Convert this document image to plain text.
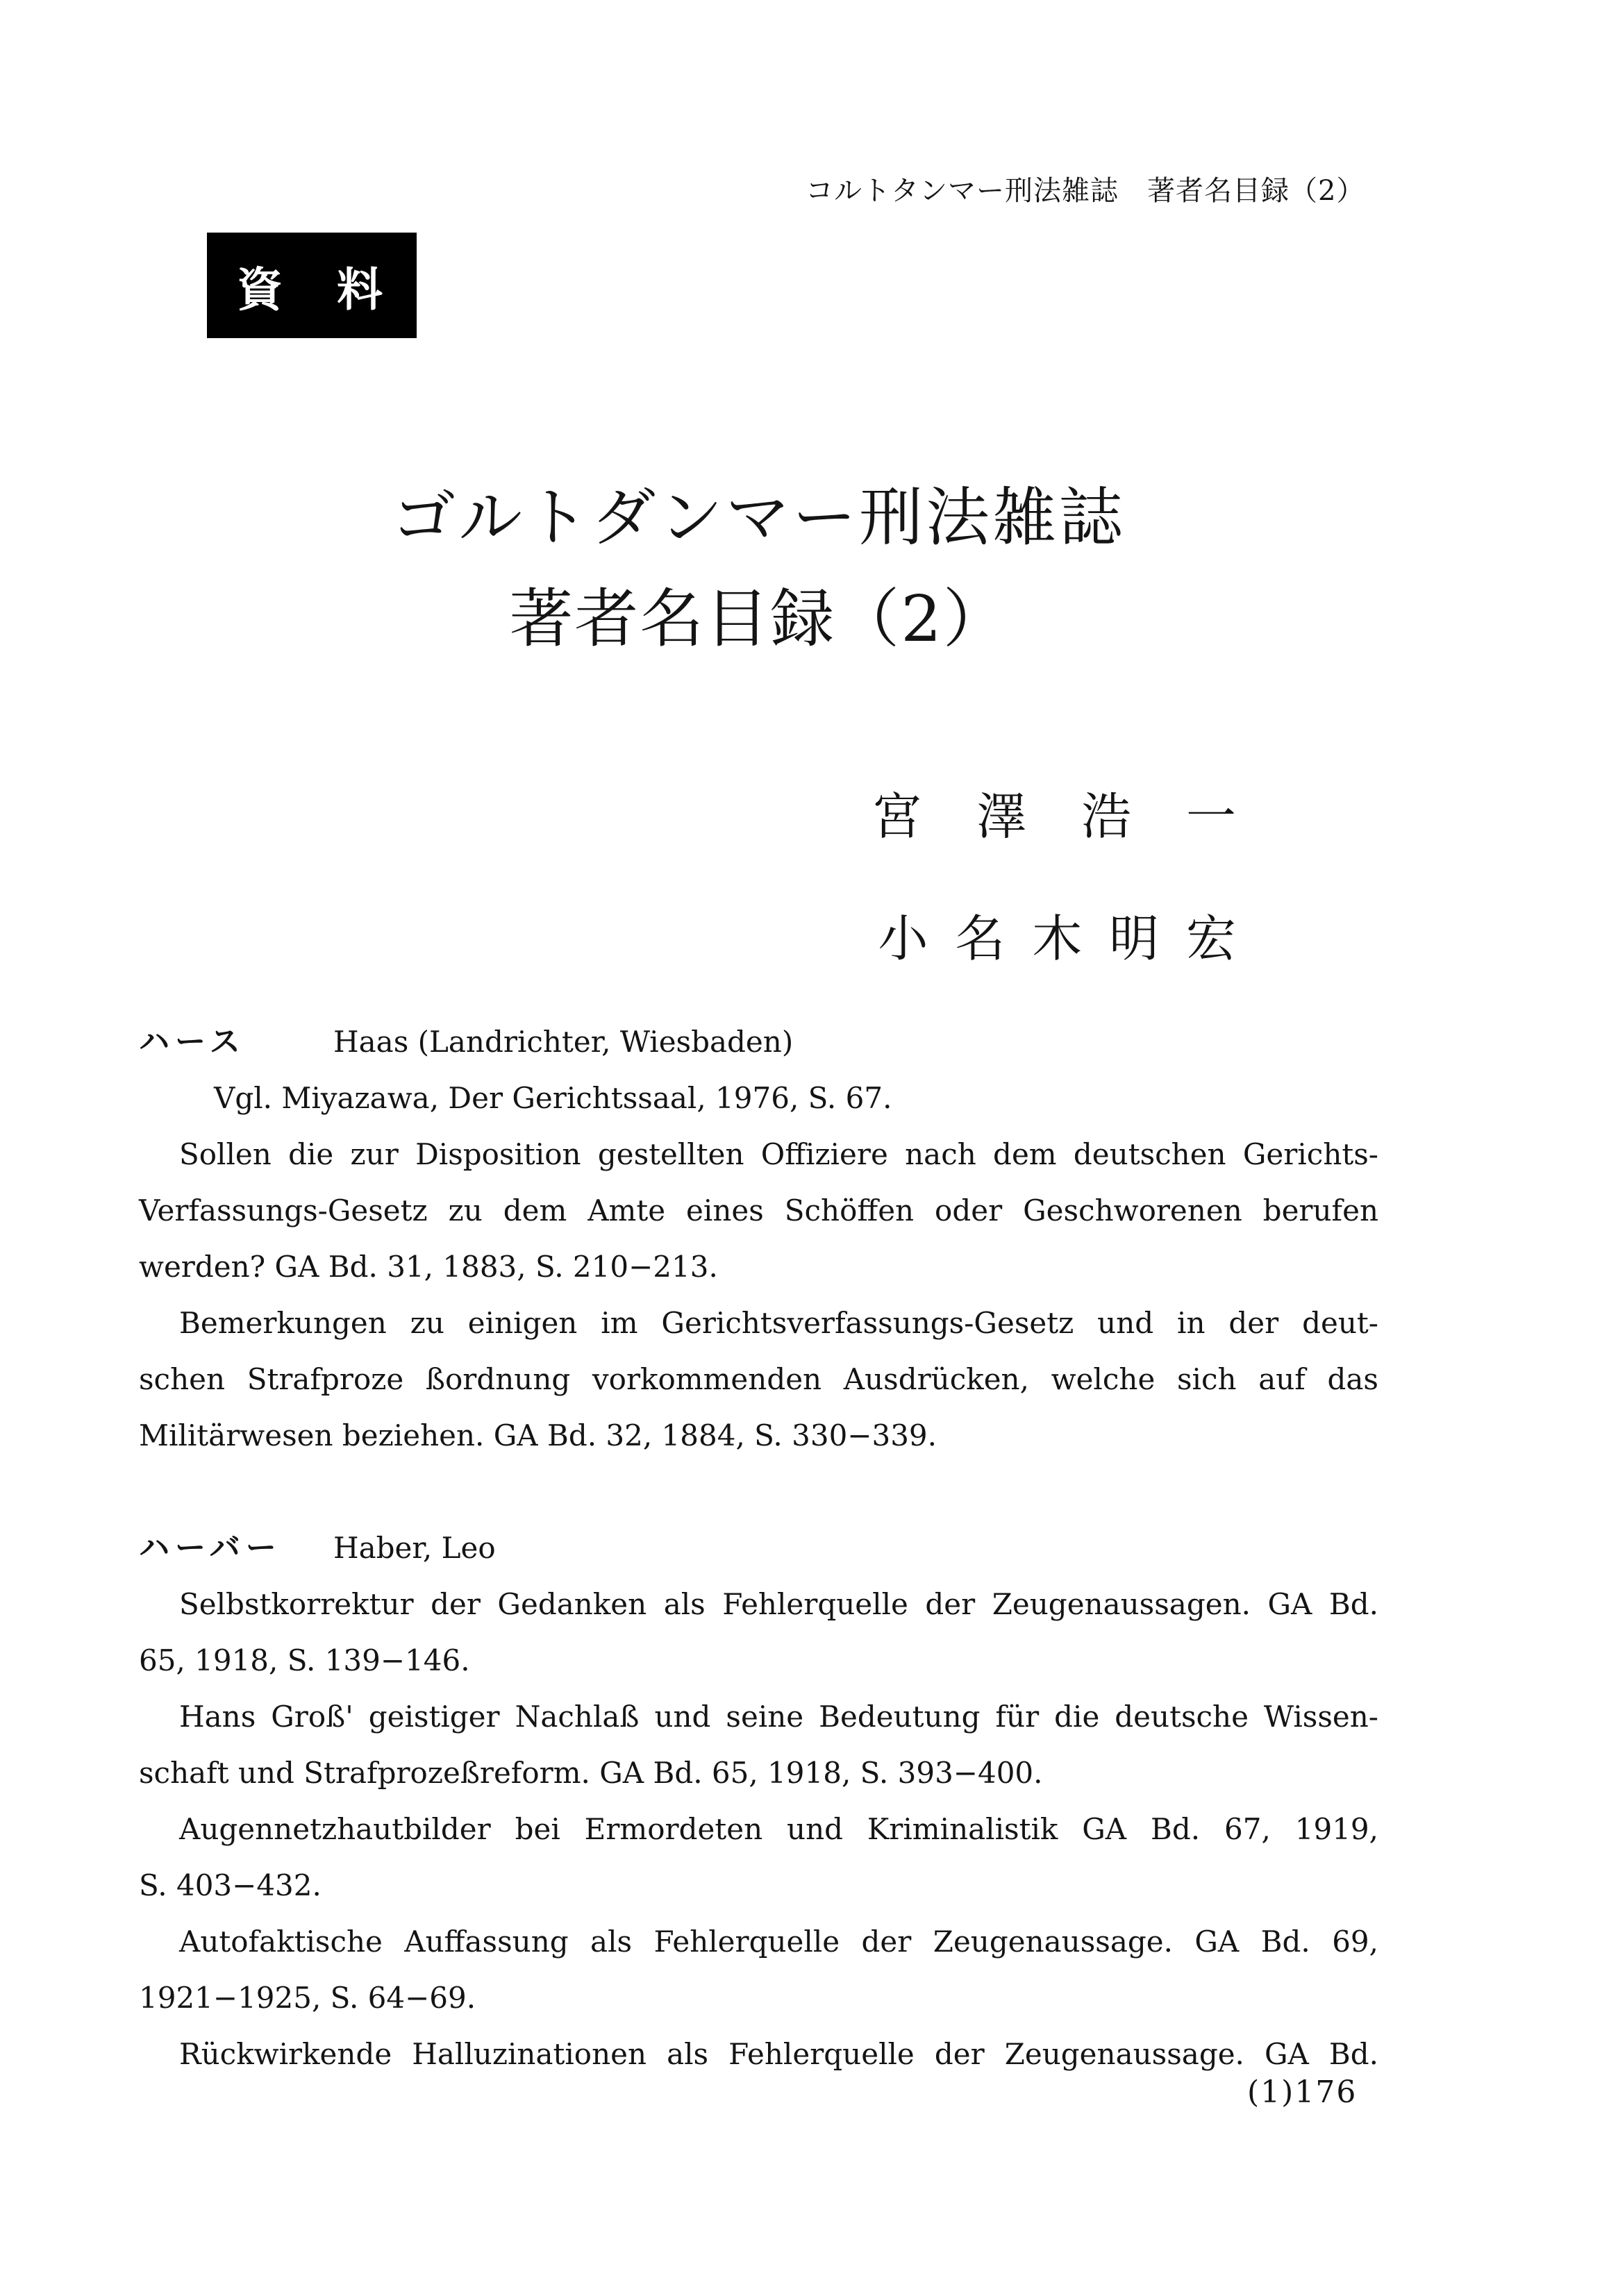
コルトタンマー刑法雑誌　著者名目録（2）
資　料
ゴルトダンマー刑法雑誌
著者名目録（2）
宮 澤 浩 一
小 名 木 明 宏
ハース	Haas (Landrichter, Wiesbaden)
Vgl. Miyazawa, Der Gerichtssaal, 1976, S. 67.
Sollen die zur Disposition gestellten Offiziere nach dem deutschen Gerichts-
Verfassungs-Gesetz zu dem Amte eines Schöffen oder Geschworenen berufen
werden? GA Bd. 31, 1883, S. 210−213.
Bemerkungen zu einigen im Gerichtsverfassungs-Gesetz und in der deut-
schen Strafproze ßordnung vorkommenden Ausdrücken, welche sich auf das
Militärwesen beziehen. GA Bd. 32, 1884, S. 330−339.
ハーバー Haber, Leo
Selbstkorrektur der Gedanken als Fehlerquelle der Zeugenaussagen. GA Bd.
65, 1918, S. 139−146.
Hans Groß' geistiger Nachlaß und seine Bedeutung für die deutsche Wissen-
schaft und Strafprozeßreform. GA Bd. 65, 1918, S. 393−400.
Augennetzhautbilder bei Ermordeten und Kriminalistik GA Bd. 67, 1919,
S. 403−432.
Autofaktische Auffassung als Fehlerquelle der Zeugenaussage. GA Bd. 69,
1921−1925, S. 64−69.
Rückwirkende Halluzinationen als Fehlerquelle der Zeugenaussage. GA Bd.
(1)176
